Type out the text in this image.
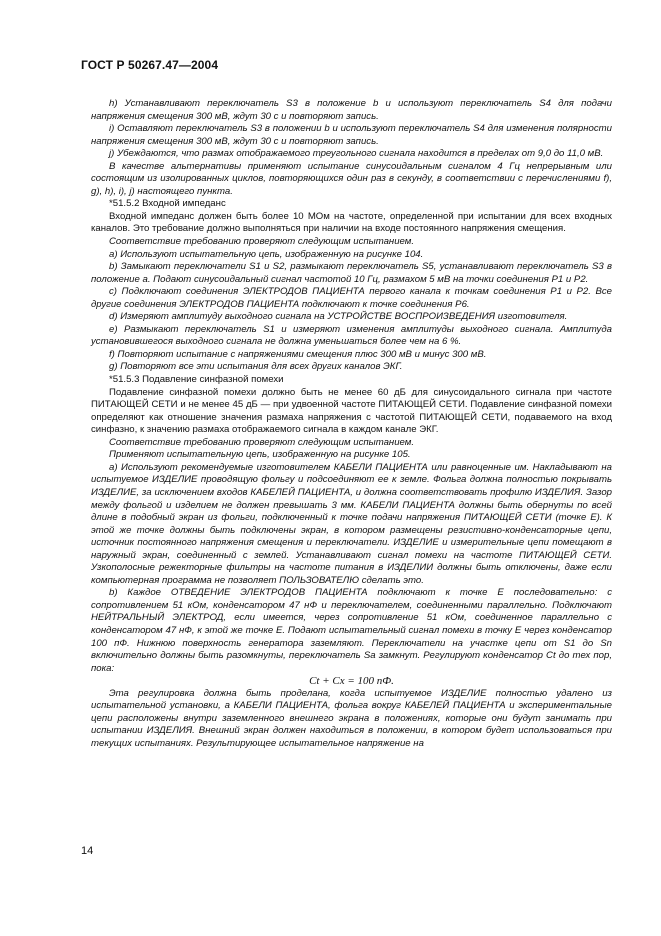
ГОСТ Р 50267.47—2004

h) Устанавливают переключатель S3 в положение b и используют переключатель S4 для подачи напряжения смещения 300 мВ, ждут 30 с и повторяют запись.

i) Оставляют переключатель S3 в положении b и используют переключатель S4 для изменения полярности напряжения смещения 300 мВ, ждут 30 с и повторяют запись.

j) Убеждаются, что размах отображаемого треугольного сигнала находится в пределах от 9,0 до 11,0 мВ.

В качестве альтернативы применяют испытание синусоидальным сигналом 4 Гц непрерывным или состоящим из изолированных циклов, повторяющихся один раз в секунду, в соответствии с перечислениями f), g), h), i), j) настоящего пункта.

*51.5.2 Входной импеданс

Входной импеданс должен быть более 10 МОм на частоте, определенной при испытании для всех входных каналов. Это требование должно выполняться при наличии на входе постоянного напряжения смещения.

Соответствие требованию проверяют следующим испытанием.

a) Используют испытательную цепь, изображенную на рисунке 104.

b) Замыкают переключатели S1 и S2, размыкают переключатель S5, устанавливают переключатель S3 в положение a. Подают синусоидальный сигнал частотой 10 Гц, размахом 5 мВ на точки соединения P1 и P2.

c) Подключают соединения ЭЛЕКТРОДОВ ПАЦИЕНТА первого канала к точкам соединения P1 и P2. Все другие соединения ЭЛЕКТРОДОВ ПАЦИЕНТА подключают к точке соединения P6.

d) Измеряют амплитуду выходного сигнала на УСТРОЙСТВЕ ВОСПРОИЗВЕДЕНИЯ изготовителя.

e) Размыкают переключатель S1 и измеряют изменения амплитуды выходного сигнала. Амплитуда установившегося выходного сигнала не должна уменьшаться более чем на 6 %.

f) Повторяют испытание с напряжениями смещения плюс 300 мВ и минус 300 мВ.

g) Повторяют все эти испытания для всех других каналов ЭКГ.

*51.5.3 Подавление синфазной помехи

Подавление синфазной помехи должно быть не менее 60 дБ для синусоидального сигнала при частоте ПИТАЮЩЕЙ СЕТИ и не менее 45 дБ — при удвоенной частоте ПИТАЮЩЕЙ СЕТИ. Подавление синфазной помехи определяют как отношение значения размаха напряжения с частотой ПИТАЮЩЕЙ СЕТИ, подаваемого на вход синфазно, к значению размаха отображаемого сигнала в каждом канале ЭКГ.

Соответствие требованию проверяют следующим испытанием.

Применяют испытательную цепь, изображенную на рисунке 105.

a) Используют рекомендуемые изготовителем КАБЕЛИ ПАЦИЕНТА или равноценные им. Накладывают на испытуемое ИЗДЕЛИЕ проводящую фольгу и подсоединяют ее к земле. Фольга должна полностью покрывать ИЗДЕЛИЕ, за исключением входов КАБЕЛЕЙ ПАЦИЕНТА, и должна соответствовать профилю ИЗДЕЛИЯ. Зазор между фольгой и изделием не должен превышать 3 мм. КАБЕЛИ ПАЦИЕНТА должны быть обернуты по всей длине в подобный экран из фольги, подключенный к точке подачи напряжения ПИТАЮЩЕЙ СЕТИ (точке E). К этой же точке должны быть подключены экран, в котором размещены резистивно-конденсаторные цепи, источник постоянного напряжения смещения и переключатели. ИЗДЕЛИЕ и измерительные цепи помещают в наружный экран, соединенный с землей. Устанавливают сигнал помехи на частоте ПИТАЮЩЕЙ СЕТИ. Узкополосные режекторные фильтры на частоте питания в ИЗДЕЛИИ должны быть отключены, даже если компьютерная программа не позволяет ПОЛЬЗОВАТЕЛЮ сделать это.

b) Каждое ОТВЕДЕНИЕ ЭЛЕКТРОДОВ ПАЦИЕНТА подключают к точке E последовательно: с сопротивлением 51 кОм, конденсатором 47 нФ и переключателем, соединенными параллельно. Подключают НЕЙТРАЛЬНЫЙ ЭЛЕКТРОД, если имеется, через сопротивление 51 кОм, соединенное параллельно с конденсатором 47 нФ, к этой же точке E. Подают испытательный сигнал помехи в точку E через конденсатор 100 пФ. Нижнюю поверхность генератора заземляют. Переключатели на участке цепи от S1 до Sn включительно должны быть разомкнуты, переключатель Sa замкнут. Регулируют конденсатор Ct до тех пор, пока:

Ct + Cx = 100 пФ.

Эта регулировка должна быть проделана, когда испытуемое ИЗДЕЛИЕ полностью удалено из испытательной установки, а КАБЕЛИ ПАЦИЕНТА, фольга вокруг КАБЕЛЕЙ ПАЦИЕНТА и экспериментальные цепи расположены внутри заземленного внешнего экрана в положениях, которые они будут занимать при испытании ИЗДЕЛИЯ. Внешний экран должен находиться в положении, в котором будет использоваться при текущих испытаниях. Результирующее испытательное напряжение на

14
